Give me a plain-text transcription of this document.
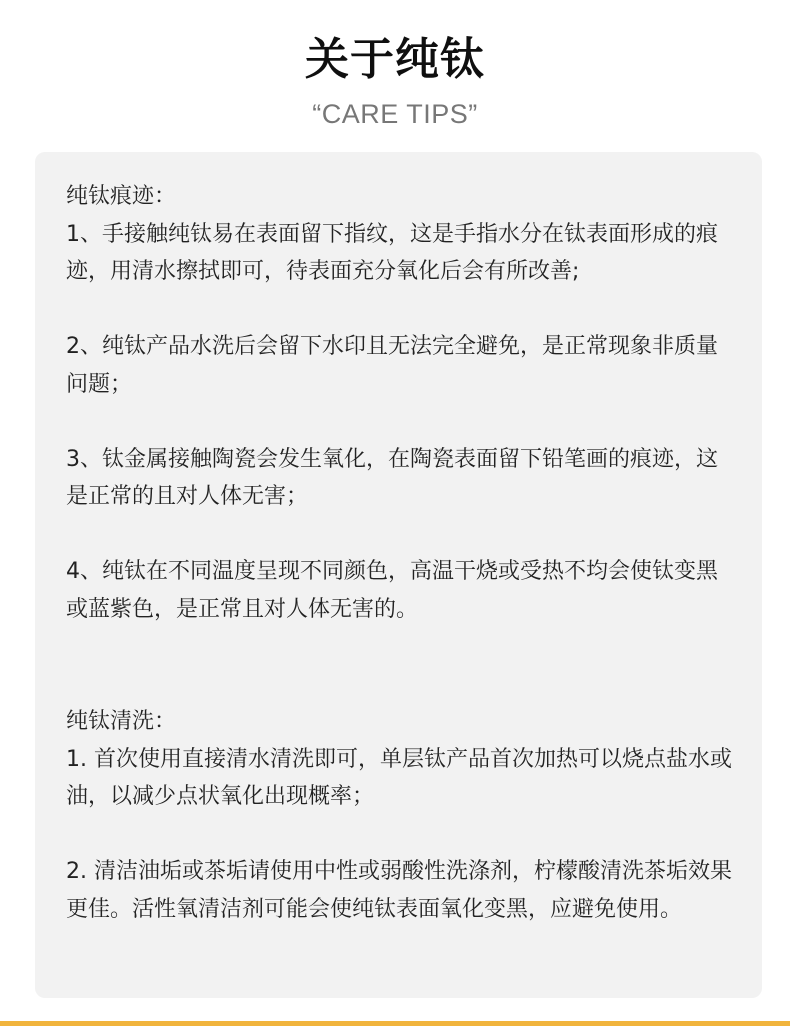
关于纯钛
“CARE TIPS”

纯钛痕迹：

1、手接触纯钛易在表面留下指纹，这是手指水分在钛表面形成的痕迹，用清水擦拭即可，待表面充分氧化后会有所改善;

2、纯钛产品水洗后会留下水印且无法完全避免，是正常现象非质量问题；

3、钛金属接触陶瓷会发生氧化，在陶瓷表面留下铅笔画的痕迹，这是正常的且对人体无害；

4、纯钛在不同温度呈现不同颜色，高温干烧或受热不均会使钛变黑或蓝紫色，是正常且对人体无害的。

纯钛清洗：

1. 首次使用直接清水清洗即可，单层钛产品首次加热可以烧点盐水或油，以减少点状氧化出现概率；

2. 清洁油垢或茶垢请使用中性或弱酸性洗涤剂，柠檬酸清洗茶垢效果更佳。活性氧清洁剂可能会使纯钛表面氧化变黑，应避免使用。
